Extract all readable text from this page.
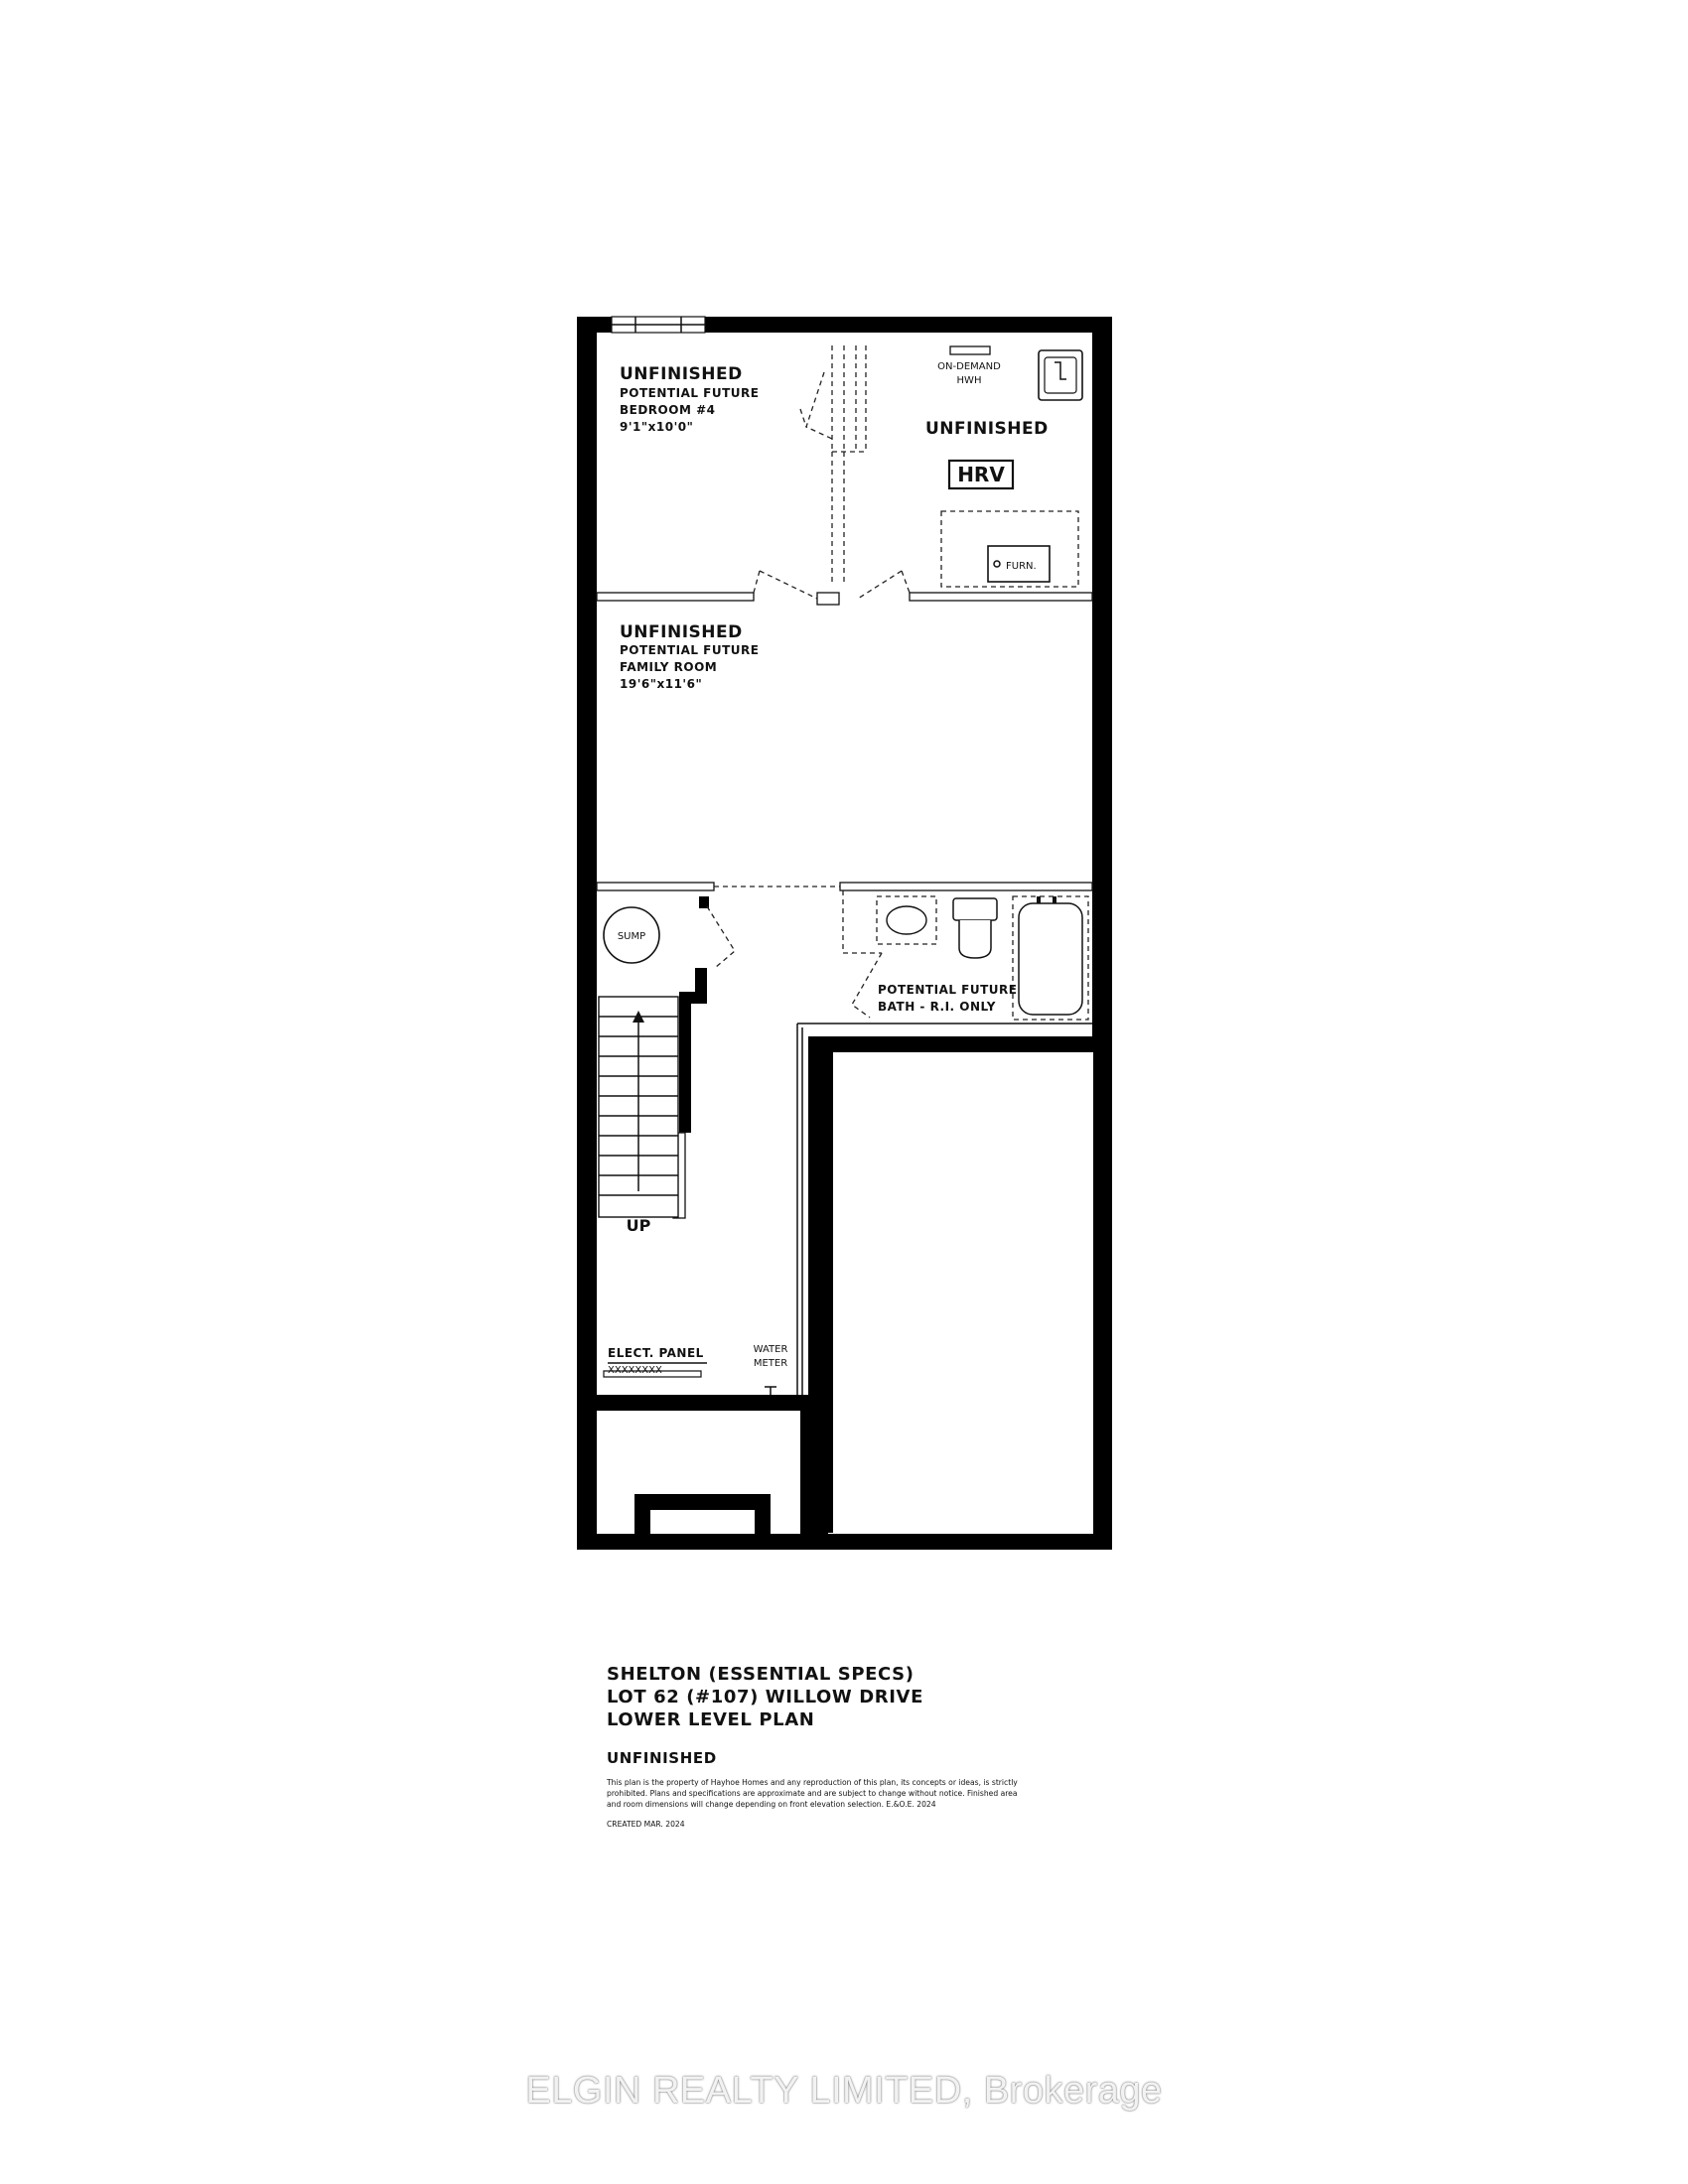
UNFINISHED
POTENTIAL FUTURE
BEDROOM #4
9'1"x10'0"
ON-DEMAND
HWH
UNFINISHED
HRV
FURN.
UNFINISHED
POTENTIAL FUTURE
FAMILY ROOM
19'6"x11'6"
SUMP
POTENTIAL FUTURE
BATH - R.I. ONLY
UP
ELECT. PANEL
XXXXXXXX
WATER
METER
SHELTON (ESSENTIAL SPECS)
LOT 62 (#107) WILLOW DRIVE
LOWER LEVEL PLAN
UNFINISHED
This plan is the property of Hayhoe Homes and any reproduction of this plan, its concepts or ideas, is strictly prohibited. Plans and specifications are approximate and are subject to change without notice. Finished area and room dimensions will change depending on front elevation selection. E.&O.E. 2024
CREATED MAR. 2024
ELGIN REALTY LIMITED, Brokerage
